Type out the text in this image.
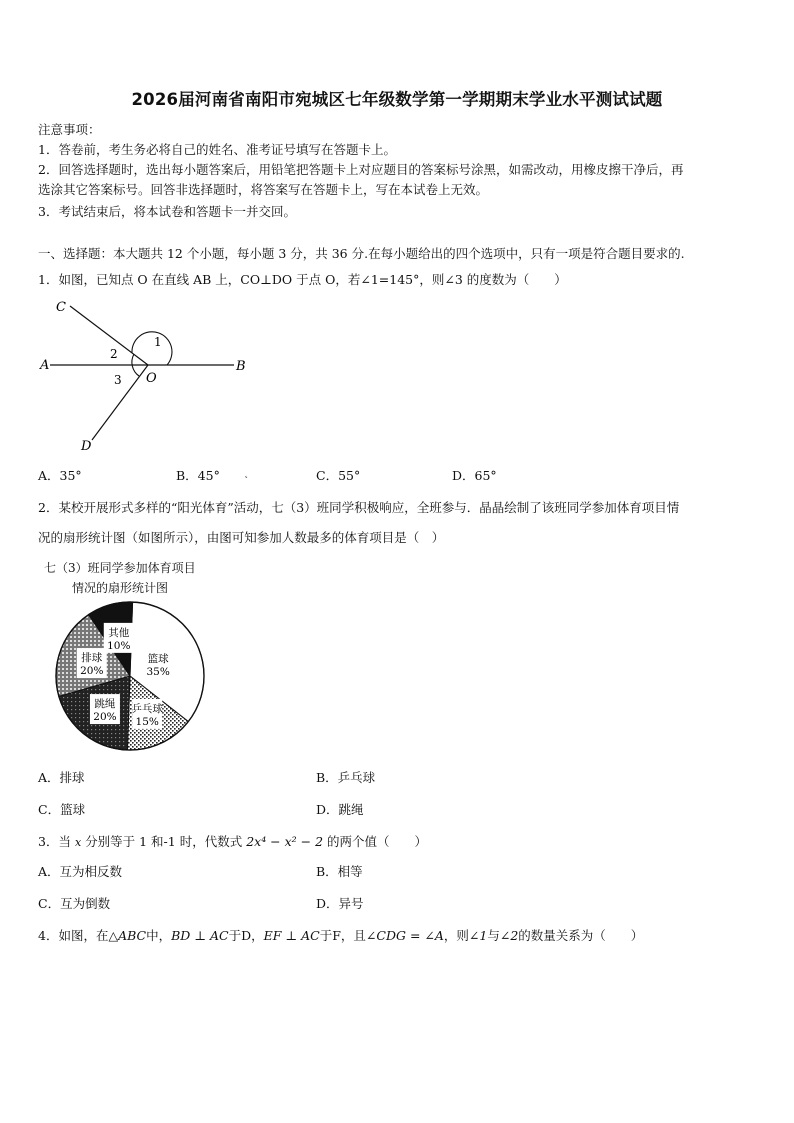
2026届河南省南阳市宛城区七年级数学第一学期期末学业水平测试试题
注意事项：
1．答卷前，考生务必将自己的姓名、准考证号填写在答题卡上。
2．回答选择题时，选出每小题答案后，用铅笔把答题卡上对应题目的答案标号涂黑，如需改动，用橡皮擦干净后，再
选涂其它答案标号。回答非选择题时，将答案写在答题卡上，写在本试卷上无效。
3．考试结束后，将本试卷和答题卡一并交回。
一、选择题：本大题共 12 个小题，每小题 3 分，共 36 分.在每小题给出的四个选项中，只有一项是符合题目要求的.
1．如图，已知点 O 在直线 AB 上，CO⊥DO 于点 O，若∠1=145°，则∠3 的度数为（　　）
C
A	B
D
O
1
2
3
A．35°	B．45°	˛	C．55°	D．65°
2．某校开展形式多样的“阳光体育”活动，七（3）班同学积极响应，全班参与．晶晶绘制了该班同学参加体育项目情
况的扇形统计图（如图所示），由图可知参加人数最多的体育项目是（　）
七（3）班同学参加体育项目
情况的扇形统计图
篮球
35%
乒乓球
15%
跳绳
20%
排球
20%
其他
10%
A．排球	B．乒乓球
C．篮球	D．跳绳
3．当 x 分别等于 1 和-1 时，代数式 2x⁴ − x² − 2 的两个值（　　）
A．互为相反数	B．相等
C．互为倒数	D．异号
4．如图，在△ABC中，BD ⊥ AC于D，EF ⊥ AC于F，且∠CDG = ∠A，则∠1与∠2的数量关系为（　　）
